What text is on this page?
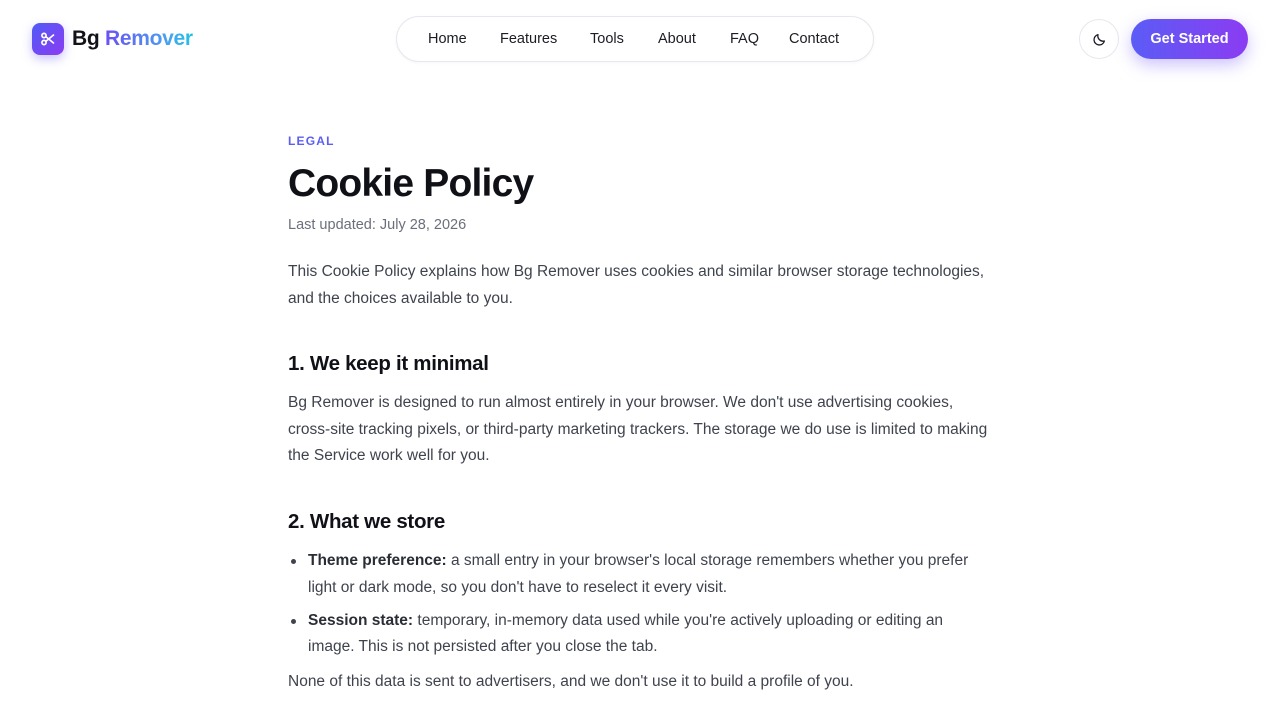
Bg Remover	Home Features Tools About FAQ Contact	Get Started
LEGAL
Cookie Policy
Last updated: July 28, 2026

This Cookie Policy explains how Bg Remover uses cookies and similar browser storage technologies, and the choices available to you.

1. We keep it minimal

Bg Remover is designed to run almost entirely in your browser. We don't use advertising cookies, cross-site tracking pixels, or third-party marketing trackers. The storage we do use is limited to making the Service work well for you.

2. What we store
Theme preference: a small entry in your browser's local storage remembers whether you prefer light or dark mode, so you don't have to reselect it every visit.
Session state: temporary, in-memory data used while you're actively uploading or editing an image. This is not persisted after you close the tab.

None of this data is sent to advertisers, and we don't use it to build a profile of you.
